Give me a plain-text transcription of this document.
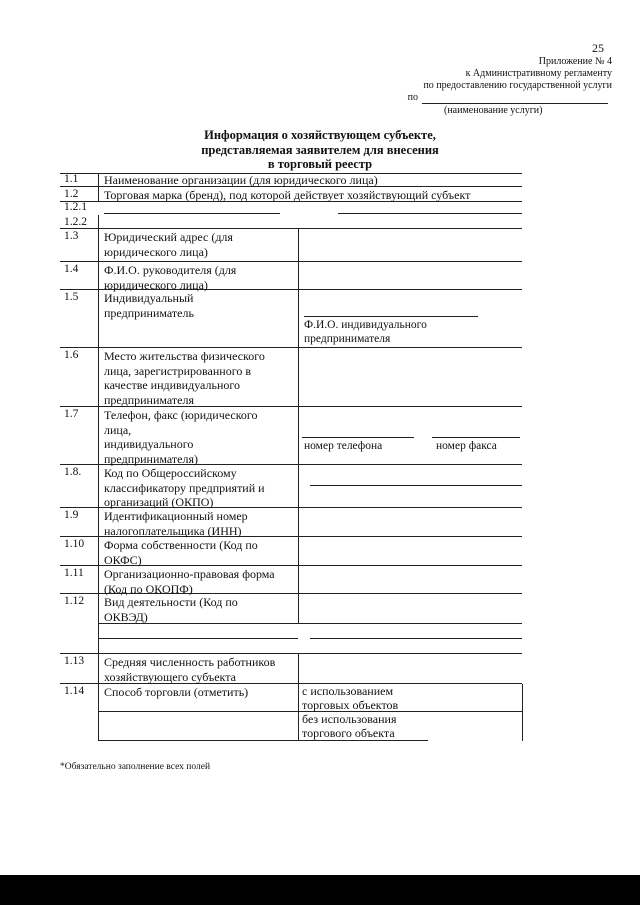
25
Приложение № 4
к Административному регламенту
по предоставлению государственной услуги
по
(наименование услуги)
Информация о хозяйствующем субъекте,
представляемая заявителем для внесения
в торговый реестр
1.1 Наименование организации (для юридического лица)
1.2 Торговая марка (бренд), под которой действует хозяйствующий субъект
1.2.1
1.2.2
1.3 Юридический адрес (для
юридического лица)
1.4 Ф.И.О. руководителя (для
юридического лица)
1.5 Индивидуальный
предприниматель
Ф.И.О. индивидуального
предпринимателя
1.6 Место жительства физического
лица, зарегистрированного в
качестве индивидуального
предпринимателя
1.7 Телефон, факс (юридического
лица,
индивидуального
предпринимателя)
номер телефона	номер факса
1.8. Код по Общероссийскому
классификатору предприятий и
организаций (ОКПО)
1.9 Идентификационный номер
налогоплательщика (ИНН)
1.10 Форма собственности (Код по
ОКФС)
1.11 Организационно-правовая форма
(Код по ОКОПФ)
1.12 Вид деятельности (Код по
ОКВЭД)
1.13 Средняя численность работников
хозяйствующего субъекта
1.14 Способ торговли (отметить)	с использованием
торговых объектов
без использования
торгового объекта
*Обязательно заполнение всех полей
